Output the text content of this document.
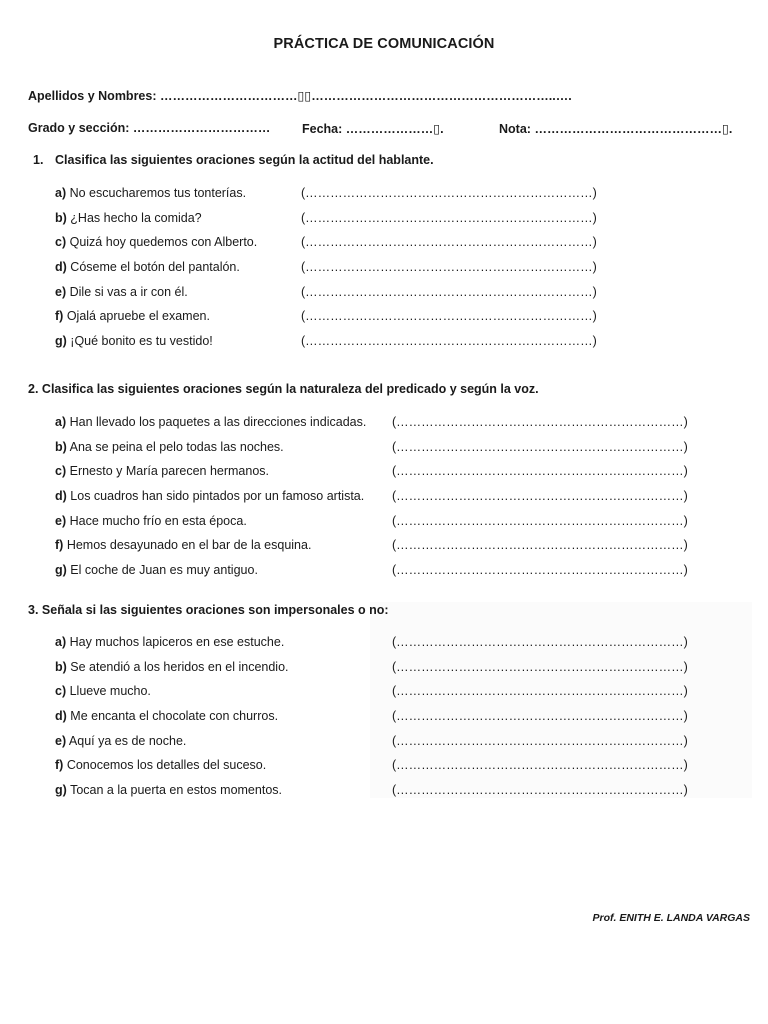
PRÁCTICA DE COMUNICACIÓN
Apellidos y Nombres: ……………………………▯▯…………………………………………………..….
Grado y sección: ……………………………	Fecha: …………………▯.	Nota: ………………………………………▯.
1. Clasifica las siguientes oraciones según la actitud del hablante.
a) No escucharemos tus tonterías.	(……………………………………………………………)
b) ¿Has hecho la comida?	(……………………………………………………………)
c) Quizá hoy quedemos con Alberto.	(……………………………………………………………)
d) Cóseme el botón del pantalón.	(……………………………………………………………)
e) Dile si vas a ir con él.	(……………………………………………………………)
f) Ojalá apruebe el examen.	(……………………………………………………………)
g) ¡Qué bonito es tu vestido!	(……………………………………………………………)
2. Clasifica las siguientes oraciones según la naturaleza del predicado y según la voz.
a) Han llevado los paquetes a las direcciones indicadas. (……………………………………………………………)
b) Ana se peina el pelo todas las noches.	(……………………………………………………………)
c) Ernesto y María parecen hermanos.	(……………………………………………………………)
d) Los cuadros han sido pintados por un famoso artista. (……………………………………………………………)
e) Hace mucho frío en esta época.	(……………………………………………………………)
f) Hemos desayunado en el bar de la esquina.	(……………………………………………………………)
g) El coche de Juan es muy antiguo.	(……………………………………………………………)
3. Señala si las siguientes oraciones son impersonales o no:
a) Hay muchos lapiceros en ese estuche.	(……………………………………………………………)
b) Se atendió a los heridos en el incendio.	(……………………………………………………………)
c) Llueve mucho.	(……………………………………………………………)
d) Me encanta el chocolate con churros.	(……………………………………………………………)
e) Aquí ya es de noche.	(……………………………………………………………)
f) Conocemos los detalles del suceso.	(……………………………………………………………)
g) Tocan a la puerta en estos momentos.	(……………………………………………………………)
Prof. ENITH E. LANDA VARGAS
